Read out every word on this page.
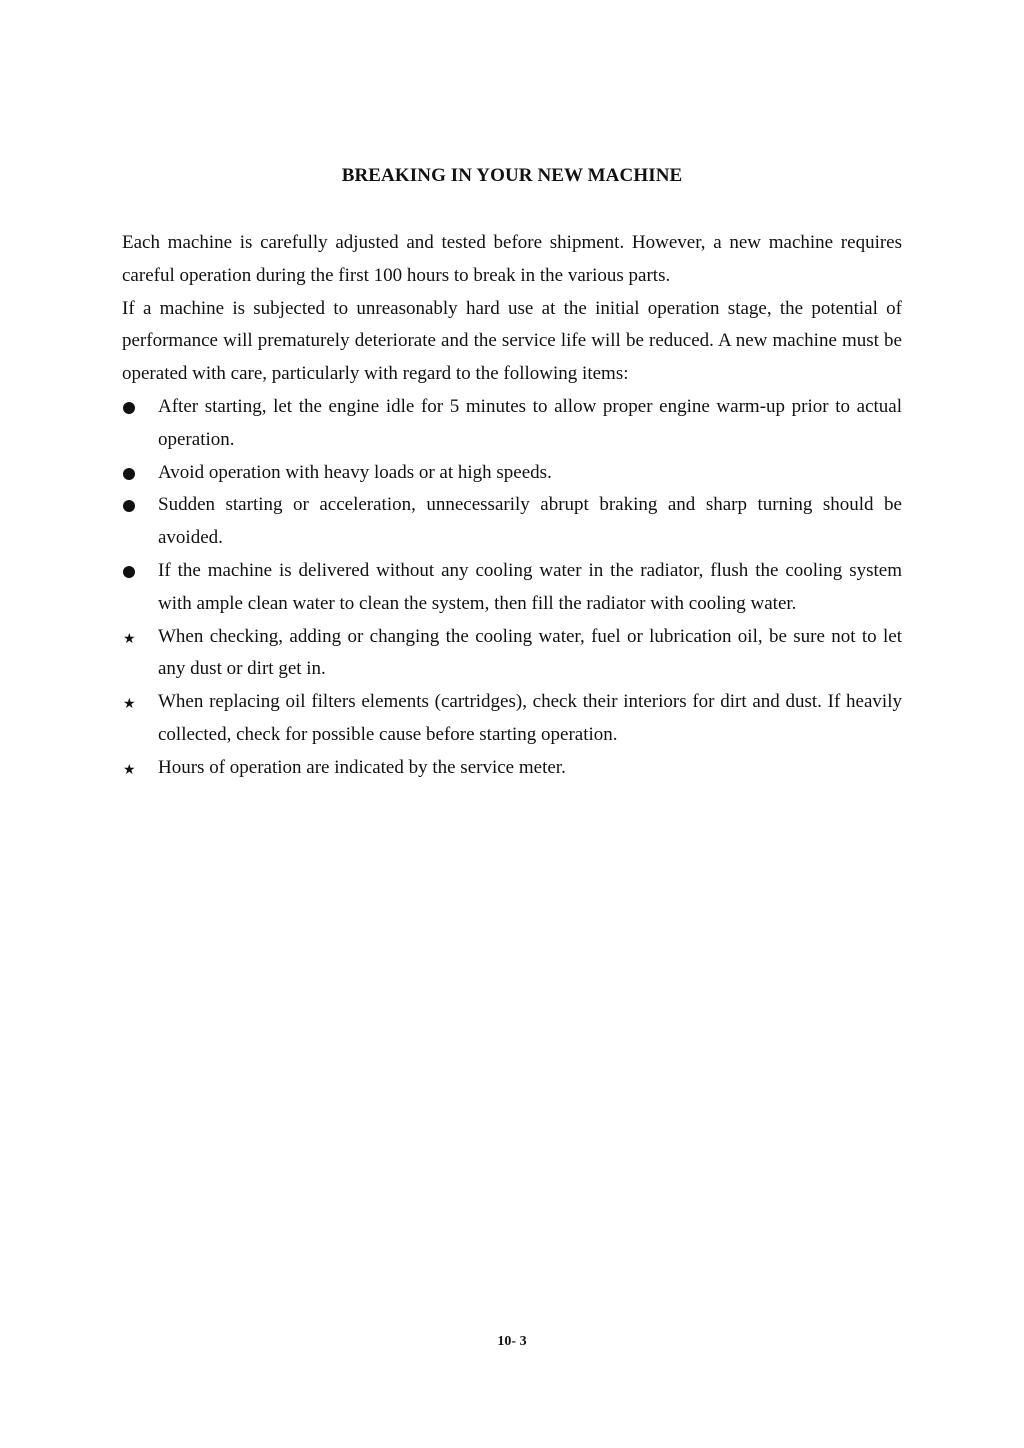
BREAKING IN YOUR NEW MACHINE

Each machine is carefully adjusted and tested before shipment. However, a new machine requires careful operation during the first 100 hours to break in the various parts.

If a machine is subjected to unreasonably hard use at the initial operation stage, the potential of performance will prematurely deteriorate and the service life will be reduced. A new machine must be operated with care, particularly with regard to the following items:

After starting, let the engine idle for 5 minutes to allow proper engine warm-up prior to actual operation.
Avoid operation with heavy loads or at high speeds.
Sudden starting or acceleration, unnecessarily abrupt braking and sharp turning should be avoided.
If the machine is delivered without any cooling water in the radiator, flush the cooling system with ample clean water to clean the system, then fill the radiator with cooling water.
★	When checking, adding or changing the cooling water, fuel or lubrication oil, be sure not to let any dust or dirt get in.
★	When replacing oil filters elements (cartridges), check their interiors for dirt and dust. If heavily collected, check for possible cause before starting operation.
★	Hours of operation are indicated by the service meter.
10- 3
